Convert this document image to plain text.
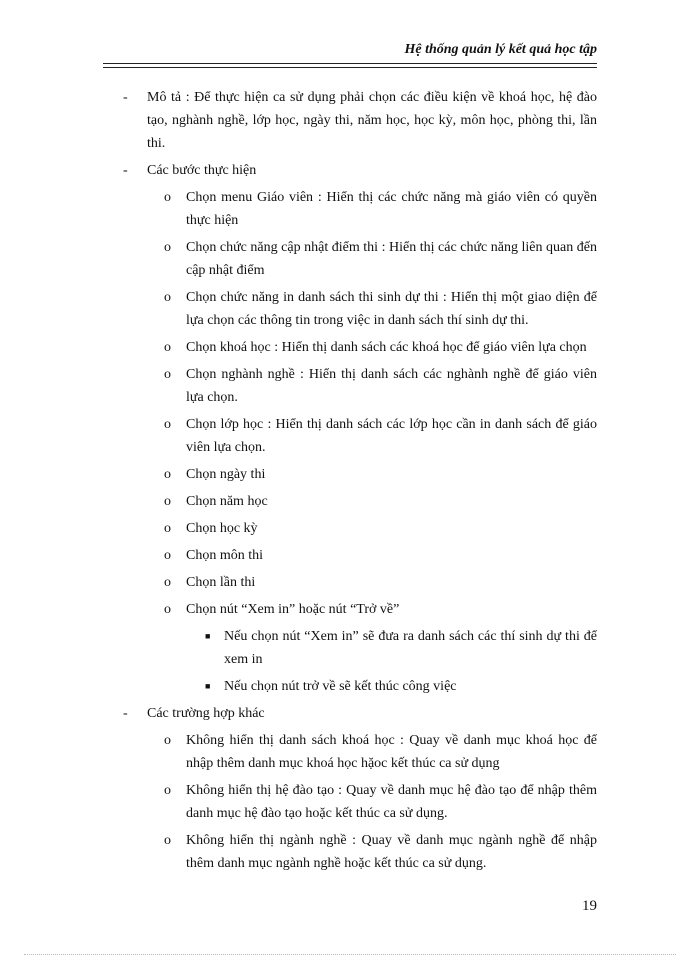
Hệ thống quản lý kết quả học tập
- Mô tả : Để thực hiện ca sử dụng phải chọn các điều kiện về khoá học, hệ đào tạo, nghành nghề, lớp học, ngày thi, năm học, học kỳ, môn học, phòng thi, lần thi.
- Các bước thực hiện
o Chọn menu Giáo viên : Hiển thị các chức năng mà giáo viên có quyền thực hiện
o Chọn chức năng cập nhật điểm thi : Hiển thị các chức năng liên quan đến cập nhật điểm
o Chọn chức năng in danh sách thi sinh dự thi : Hiển thị một giao diện để lựa chọn các thông tin trong việc in danh sách thí sinh dự thi.
o Chọn khoá học : Hiển thị danh sách các khoá học để giáo viên lựa chọn
o Chọn nghành nghề : Hiển thị danh sách các nghành nghề để giáo viên lựa chọn.
o Chọn lớp học : Hiển thị danh sách các lớp học cần in danh sách để giáo viên lựa chọn.
o Chọn ngày thi
o Chọn năm học
o Chọn học kỳ
o Chọn môn thi
o Chọn lần thi
o Chọn nút “Xem in” hoặc nút “Trở về”
■ Nếu chọn nút “Xem in” sẽ đưa ra danh sách các thí sinh dự thi để xem in
■ Nếu chọn nút trở về sẽ kết thúc công việc
- Các trường hợp khác
o Không hiển thị danh sách khoá học : Quay về danh mục khoá học để nhập thêm danh mục khoá học hặoc kết thúc ca sử dụng
o Không hiển thị hệ đào tạo : Quay về danh mục hệ đào tạo để nhập thêm danh mục hệ đào tạo hoặc kết thúc ca sử dụng.
o Không hiển thị ngành nghề : Quay về danh mục ngành nghề để nhập thêm danh mục ngành nghề hoặc kết thúc ca sử dụng.
19
